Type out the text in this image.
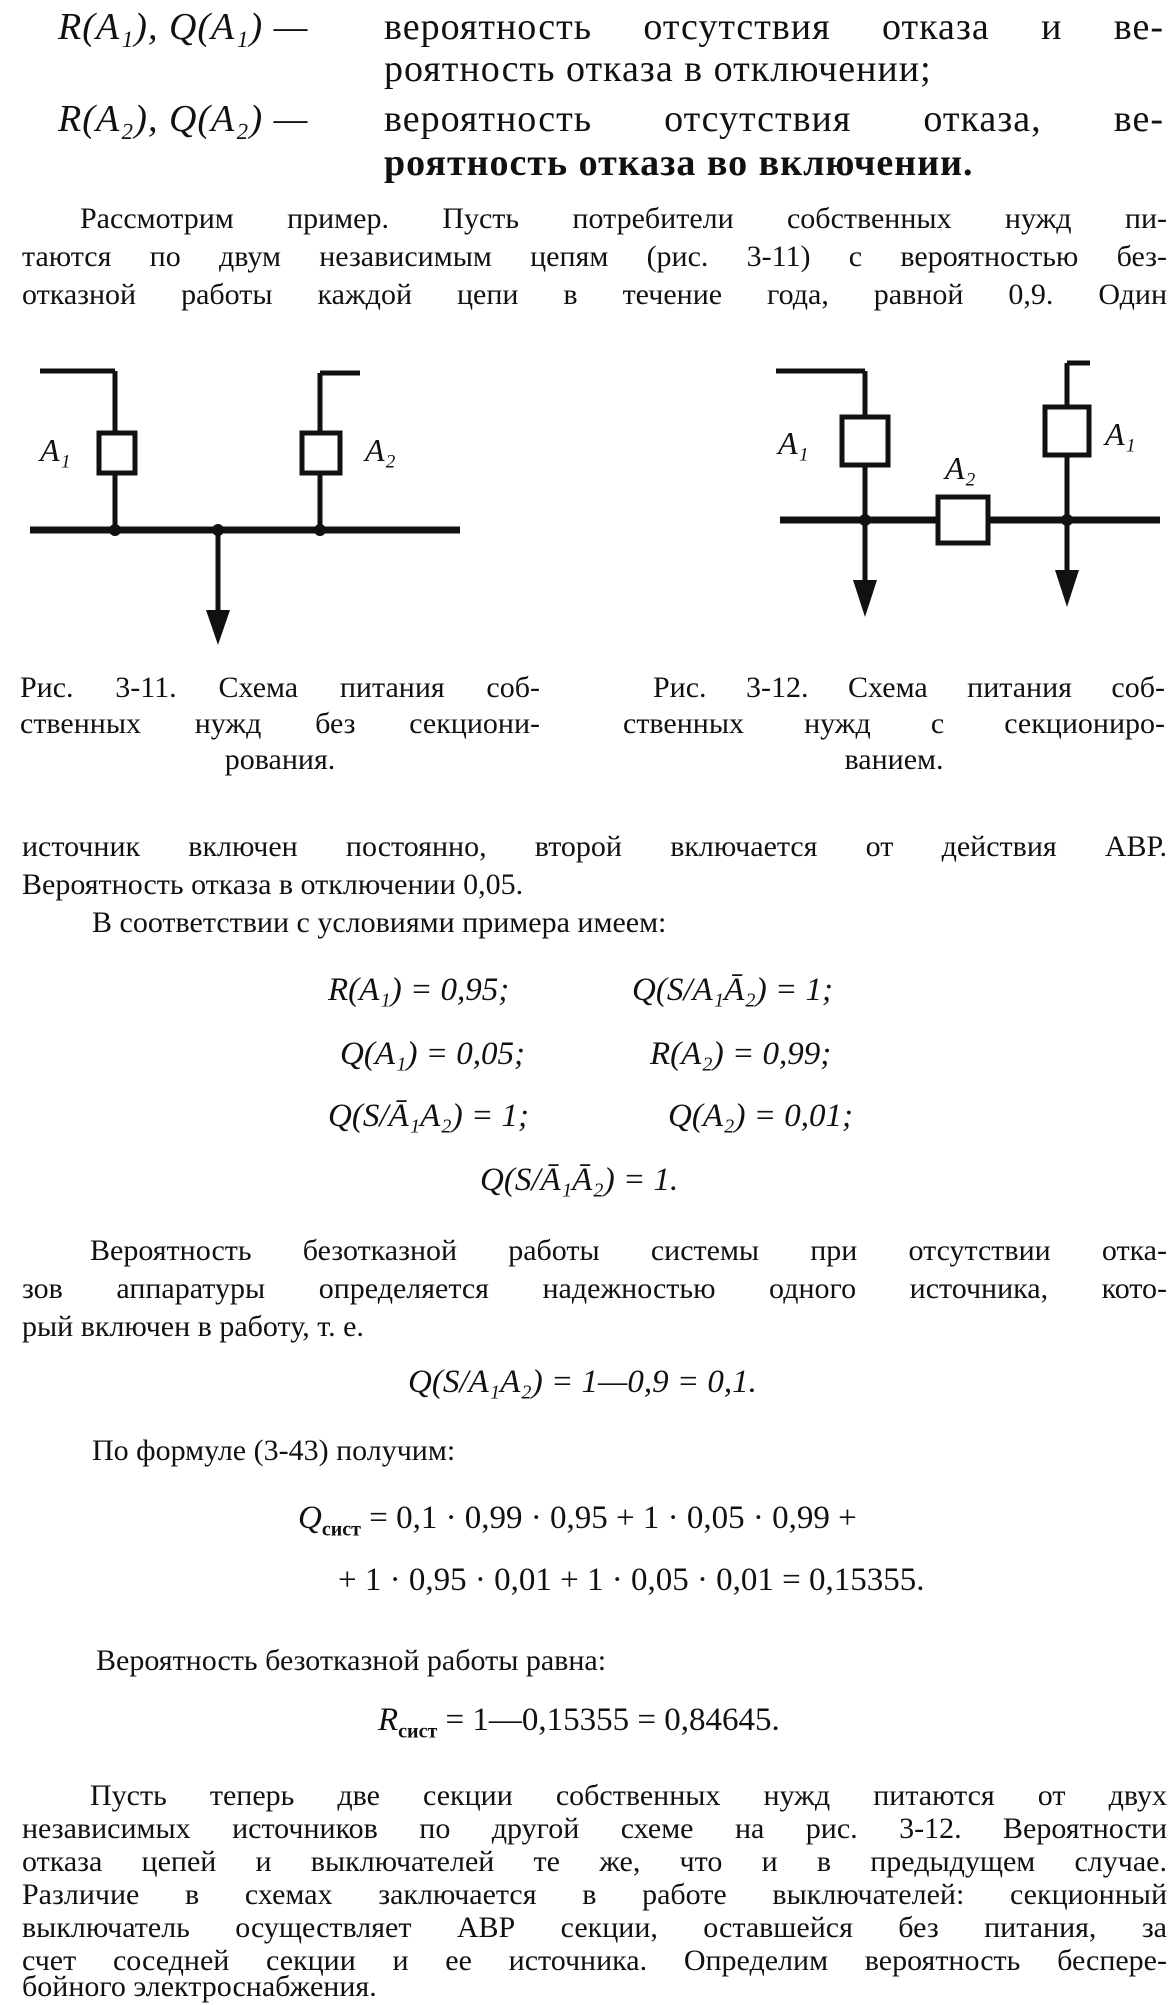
R(A₁), Q(A₁) — вероятность отсутствия отказа и ве-
роятность отказа в отключении;
R(A₂), Q(A₂) — вероятность отсутствия отказа, ве-
роятность отказа во включении.
Рассмотрим пример. Пусть потребители собственных нужд пи-
таются по двум независимым цепям (рис. 3-11) с вероятностью без-
отказной работы каждой цепи в течение года, равной 0,9. Один
A₁	A₂
Рис. 3-11. Схема питания соб-
ственных нужд без секциони-
рования.
A₁
A₂
A₁
Рис. 3-12. Схема питания соб-
ственных нужд с секциониро-
ванием.
источник включен постоянно, второй включается от действия АВР.
Вероятность отказа в отключении 0,05.
В соответствии с условиями примера имеем:
R(A₁) = 0,95;	Q(S/A₁Ā₂) = 1;
Q(A₁) = 0,05;	R(A₂) = 0,99;
Q(S/Ā₁A₂) = 1;	Q(A₂) = 0,01;
Q(S/Ā₁Ā₂) = 1.
Вероятность безотказной работы системы при отсутствии отка-
зов аппаратуры определяется надежностью одного источника, кото-
рый включен в работу, т. е.
Q(S/A₁A₂) = 1—0,9 = 0,1.
По формуле (3-43) получим:
$Q_{сист} = 0,1 \cdot 0,99 \cdot 0,95 + 1 \cdot 0,05 \cdot 0,99$ +
+ 1 · 0,95 · 0,01 + 1 · 0,05 · 0,01 = 0,15355.
Вероятность безотказной работы равна:
$R_{сист}$ = 1—0,15355 = 0,84645.
Пусть теперь две секции собственных нужд питаются от двух
независимых источников по другой схеме на рис. 3-12. Вероятности
отказа цепей и выключателей те же, что и в предыдущем случае.
Различие в схемах заключается в работе выключателей: секционный
выключатель осуществляет АВР секции, оставшейся без питания, за
счет соседней секции и ее источника. Определим вероятность беспере-
бойного электроснабжения.
